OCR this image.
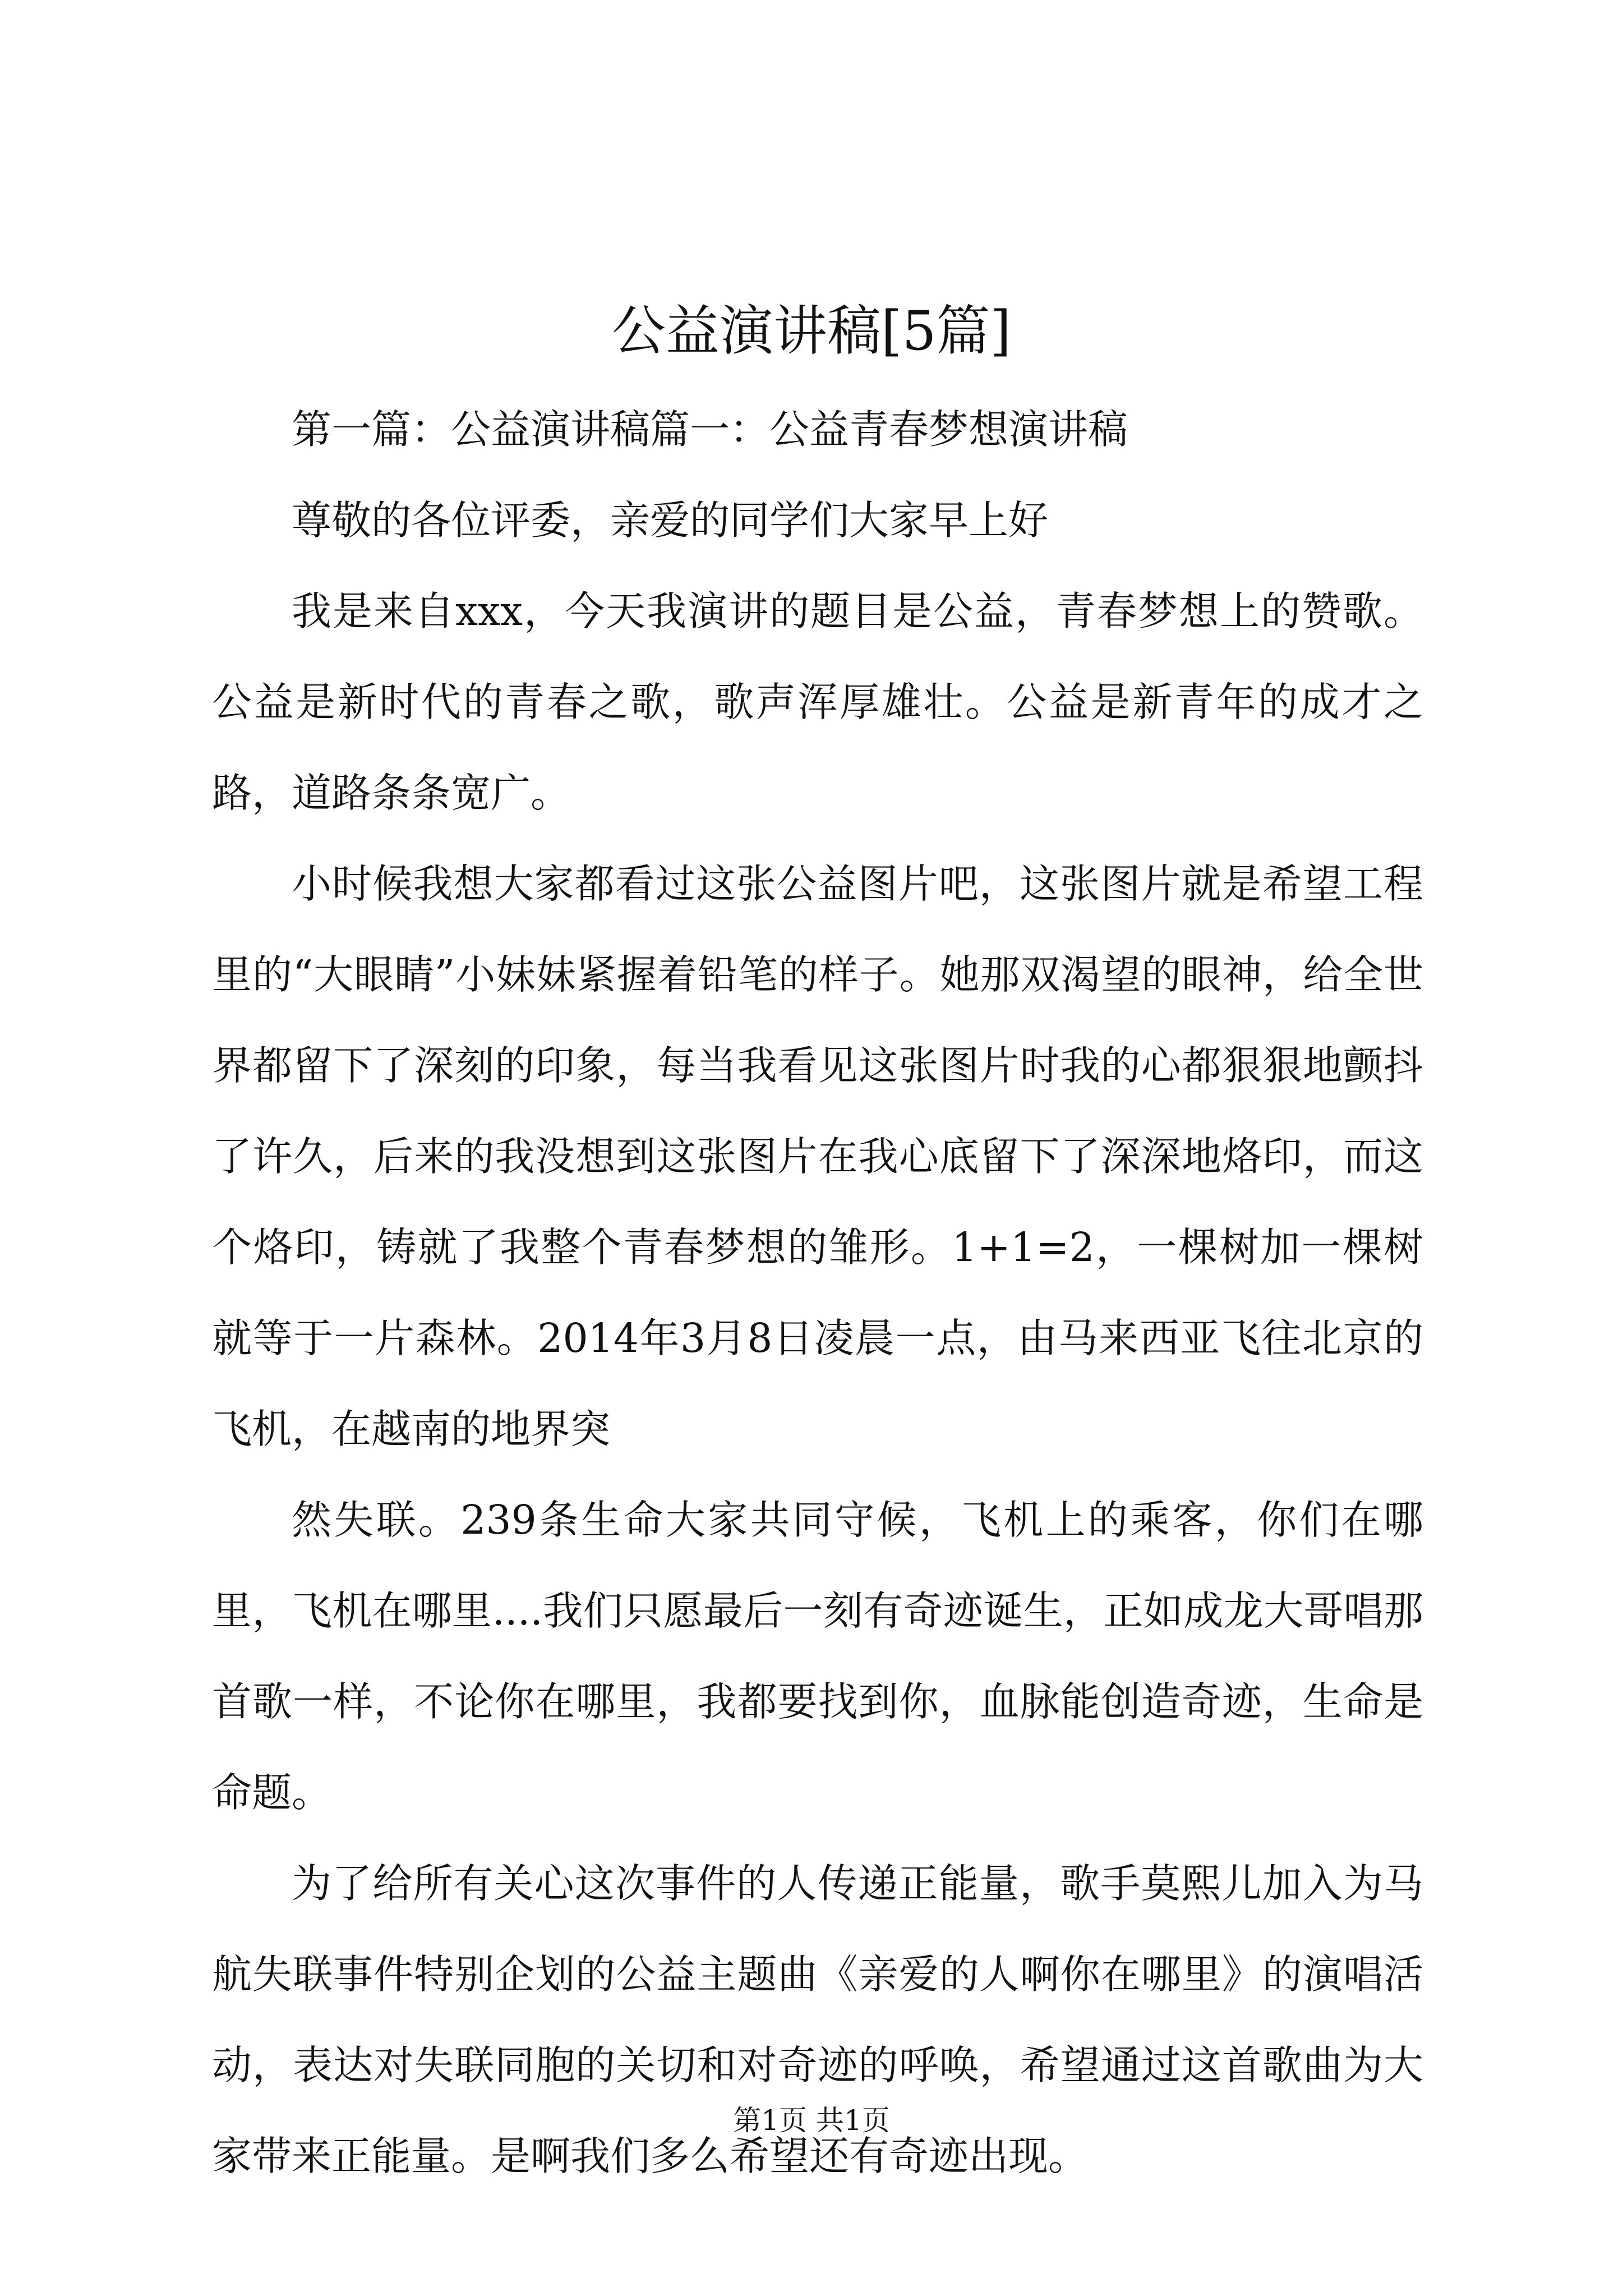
公益演讲稿[5篇]

第一篇：公益演讲稿篇一：公益青春梦想演讲稿

尊敬的各位评委，亲爱的同学们大家早上好

我是来自xxx，今天我演讲的题目是公益，青春梦想上的赞歌。公益是新时代的青春之歌，歌声浑厚雄壮。公益是新青年的成才之路，道路条条宽广。

小时候我想大家都看过这张公益图片吧，这张图片就是希望工程里的“大眼睛”小妹妹紧握着铅笔的样子。她那双渴望的眼神，给全世界都留下了深刻的印象，每当我看见这张图片时我的心都狠狠地颤抖了许久，后来的我没想到这张图片在我心底留下了深深地烙印，而这个烙印，铸就了我整个青春梦想的雏形。1+1=2，一棵树加一棵树就等于一片森林。2014年3月8日凌晨一点，由马来西亚飞往北京的飞机，在越南的地界突

然失联。239条生命大家共同守候，飞机上的乘客，你们在哪里，飞机在哪里....我们只愿最后一刻有奇迹诞生，正如成龙大哥唱那首歌一样，不论你在哪里，我都要找到你，血脉能创造奇迹，生命是命题。

为了给所有关心这次事件的人传递正能量，歌手莫熙儿加入为马航失联事件特别企划的公益主题曲《亲爱的人啊你在哪里》的演唱活动，表达对失联同胞的关切和对奇迹的呼唤，希望通过这首歌曲为大家带来正能量。是啊我们多么希望还有奇迹出现。

第1页 共1页
